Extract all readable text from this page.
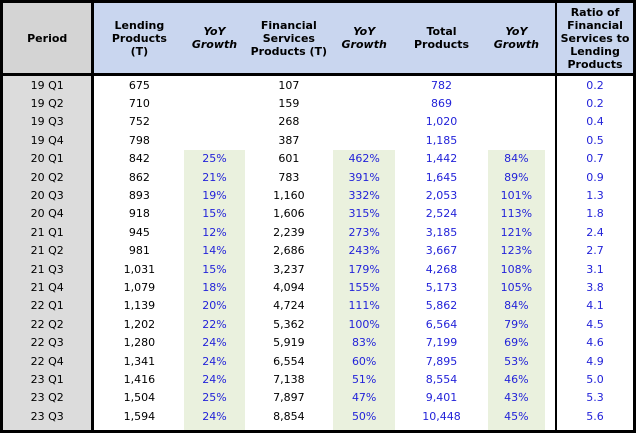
Period	Lending Products (T)	YoY Growth	Financial Services Products (T)	YoY Growth	Total Products	YoY Growth		Ratio of Financial Services to Lending Products
19 Q1	675		107		782			0.2
19 Q2	710		159		869			0.2
19 Q3	752		268		1,020			0.4
19 Q4	798		387		1,185			0.5
20 Q1	842	25%	601	462%	1,442	84%		0.7
20 Q2	862	21%	783	391%	1,645	89%		0.9
20 Q3	893	19%	1,160	332%	2,053	101%		1.3
20 Q4	918	15%	1,606	315%	2,524	113%		1.8
21 Q1	945	12%	2,239	273%	3,185	121%		2.4
21 Q2	981	14%	2,686	243%	3,667	123%		2.7
21 Q3	1,031	15%	3,237	179%	4,268	108%		3.1
21 Q4	1,079	18%	4,094	155%	5,173	105%		3.8
22 Q1	1,139	20%	4,724	111%	5,862	84%		4.1
22 Q2	1,202	22%	5,362	100%	6,564	79%		4.5
22 Q3	1,280	24%	5,919	83%	7,199	69%		4.6
22 Q4	1,341	24%	6,554	60%	7,895	53%		4.9
23 Q1	1,416	24%	7,138	51%	8,554	46%		5.0
23 Q2	1,504	25%	7,897	47%	9,401	43%		5.3
23 Q3	1,594	24%	8,854	50%	10,448	45%		5.6
